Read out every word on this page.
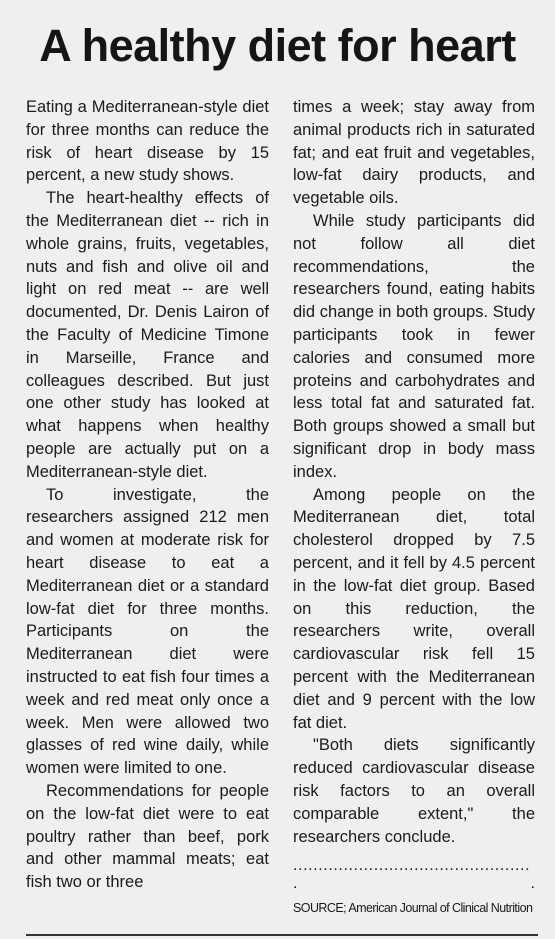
A healthy diet for heart

Eating a Mediterranean-style diet for three months can reduce the risk of heart disease by 15 percent, a new study shows.

The heart-healthy effects of the Mediterranean diet -- rich in whole grains, fruits, vegetables, nuts and fish and olive oil and light on red meat -- are well documented, Dr. Denis Lairon of the Faculty of Medicine Timone in Marseille, France and colleagues described. But just one other study has looked at what happens when healthy people are actually put on a Mediterranean-style diet.

To investigate, the researchers assigned 212 men and women at moderate risk for heart disease to eat a Mediterranean diet or a standard low-fat diet for three months. Participants on the Mediterranean diet were instructed to eat fish four times a week and red meat only once a week. Men were allowed two glasses of red wine daily, while women were limited to one.

Recommendations for people on the low-fat diet were to eat poultry rather than beef, pork and other mammal meats; eat fish two or three

times a week; stay away from animal products rich in saturated fat; and eat fruit and vegetables, low-fat dairy products, and vegetable oils.

While study participants did not follow all diet recommendations, the researchers found, eating habits did change in both groups. Study participants took in fewer calories and consumed more proteins and carbohydrates and less total fat and saturated fat. Both groups showed a small but significant drop in body mass index.

Among people on the Mediterranean diet, total cholesterol dropped by 7.5 percent, and it fell by 4.5 percent in the low-fat diet group. Based on this reduction, the researchers write, overall cardiovascular risk fell 15 percent with the Mediterranean diet and 9 percent with the low fat diet.

"Both diets significantly reduced cardiovascular disease risk factors to an overall comparable extent," the researchers conclude.

...............................................
.	.
SOURCE; American Journal of Clinical Nutrition
